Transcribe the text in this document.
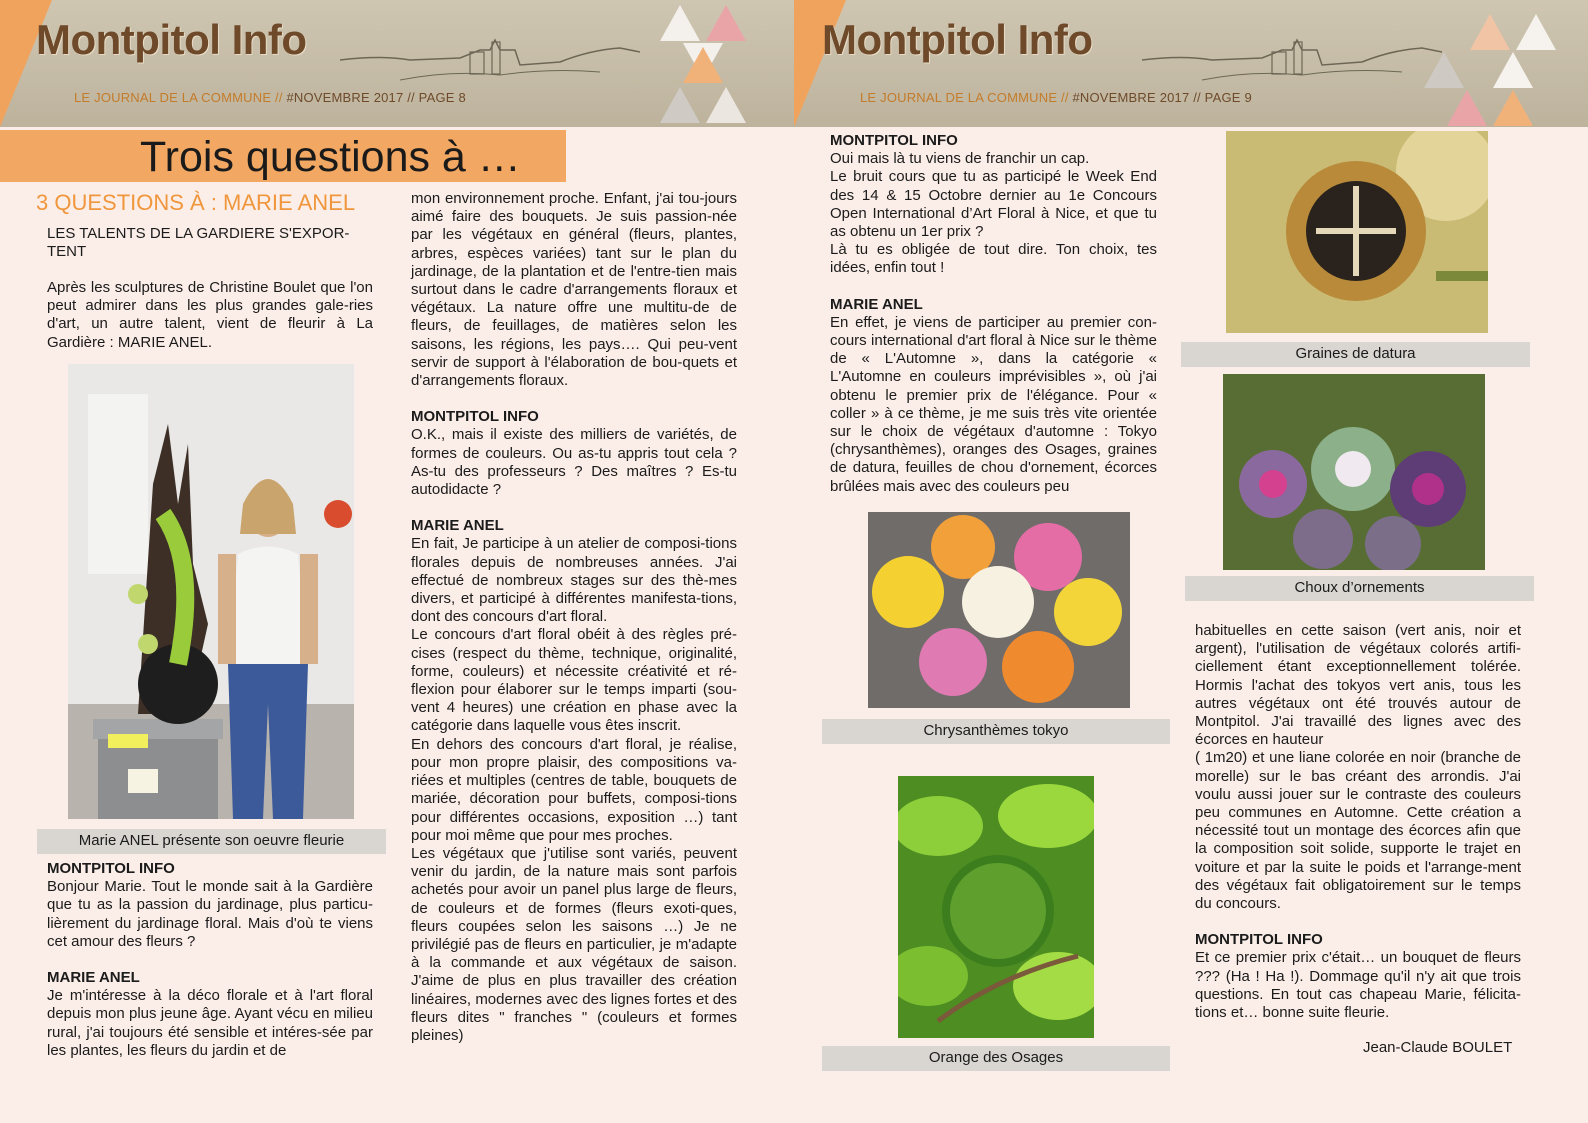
Montpitol Info
LE JOURNAL DE LA COMMUNE // #NOVEMBRE 2017 // PAGE 8
Trois questions à …
3 QUESTIONS À : MARIE ANEL
LES TALENTS DE LA GARDIERE S'EXPOR-TENT

Après les sculptures de Christine Boulet que l'on peut admirer dans les plus grandes gale-ries d'art, un autre talent, vient de fleurir à La Gardière : MARIE ANEL.

Marie ANEL présente son oeuvre fleurie

MONTPITOL INFO

Bonjour Marie. Tout le monde sait à la Gardière que tu as la passion du jardinage, plus particu-lièrement du jardinage floral. Mais d'où te viens cet amour des fleurs ?

MARIE ANEL

Je m'intéresse à la déco florale et à l'art floral depuis mon plus jeune âge. Ayant vécu en milieu rural, j'ai toujours été sensible et intéres-sée par les plantes, les fleurs du jardin et de

mon environnement proche. Enfant, j'ai tou-jours aimé faire des bouquets. Je suis passion-née par les végétaux en général (fleurs, plantes, arbres, espèces variées) tant sur le plan du jardinage, de la plantation et de l'entre-tien mais surtout dans le cadre d'arrangements floraux et végétaux. La nature offre une multitu-de de fleurs, de feuillages, de matières selon les saisons, les régions, les pays…. Qui peu-vent servir de support à l'élaboration de bou-quets et d'arrangements floraux.

MONTPITOL INFO

O.K., mais il existe des milliers de variétés, de formes de couleurs. Ou as-tu appris tout cela ? As-tu des professeurs ? Des maîtres ? Es-tu autodidacte ?

MARIE ANEL

En fait, Je participe à un atelier de composi-tions florales depuis de nombreuses années. J'ai effectué de nombreux stages sur des thè-mes divers, et participé à différentes manifesta-tions, dont des concours d'art floral.

Le concours d'art floral obéit à des règles pré-cises (respect du thème, technique, originalité, forme, couleurs) et nécessite créativité et ré-flexion pour élaborer sur le temps imparti (sou-vent 4 heures) une création en phase avec la catégorie dans laquelle vous êtes inscrit.

En dehors des concours d'art floral, je réalise, pour mon propre plaisir, des compositions va-riées et multiples (centres de table, bouquets de mariée, décoration pour buffets, composi-tions pour différentes occasions, exposition …) tant pour moi même que pour mes proches.

Les végétaux que j'utilise sont variés, peuvent venir du jardin, de la nature mais sont parfois achetés pour avoir un panel plus large de fleurs, de couleurs et de formes (fleurs exoti-ques, fleurs coupées selon les saisons …) Je ne privilégié pas de fleurs en particulier, je m'adapte à la commande et aux végétaux de saison. J'aime de plus en plus travailler des création linéaires, modernes avec des lignes fortes et des fleurs dites " franches " (couleurs et formes pleines)

Montpitol Info
LE JOURNAL DE LA COMMUNE // #NOVEMBRE 2017 // PAGE 9

MONTPITOL INFO

Oui mais là tu viens de franchir un cap.

Le bruit cours que tu as participé le Week End des 14 & 15 Octobre dernier au 1e Concours Open International d’Art Floral à Nice, et que tu as obtenu un 1er prix ?

Là tu es obligée de tout dire. Ton choix, tes idées, enfin tout !

MARIE ANEL

En effet, je viens de participer au premier con-cours international d'art floral à Nice sur le thème de « L'Automne », dans la catégorie « L'Automne en couleurs imprévisibles », où j'ai obtenu le premier prix de l'élégance. Pour « coller » à ce thème, je me suis très vite orientée sur le choix de végétaux d'automne : Tokyo (chrysanthèmes), oranges des Osages, graines de datura, feuilles de chou d'ornement, écorces brûlées mais avec des couleurs peu

Chrysanthèmes tokyo
Orange des Osages
Graines de datura
Choux d’ornements

habituelles en cette saison (vert anis, noir et argent), l'utilisation de végétaux colorés artifi-ciellement étant exceptionnellement tolérée. Hormis l'achat des tokyos vert anis, tous les autres végétaux ont été trouvés autour de Montpitol. J'ai travaillé des lignes avec des écorces en hauteur

( 1m20) et une liane colorée en noir (branche de morelle) sur le bas créant des arrondis. J'ai voulu aussi jouer sur le contraste des couleurs peu communes en Automne. Cette création a nécessité tout un montage des écorces afin que la composition soit solide, supporte le trajet en voiture et par la suite le poids et l'arrange-ment des végétaux fait obligatoirement sur le temps du concours.

MONTPITOL INFO

Et ce premier prix c'était… un bouquet de fleurs ??? (Ha ! Ha !). Dommage qu'il n'y ait que trois questions. En tout cas chapeau Marie, félicita-tions et… bonne suite fleurie.

Jean-Claude BOULET
